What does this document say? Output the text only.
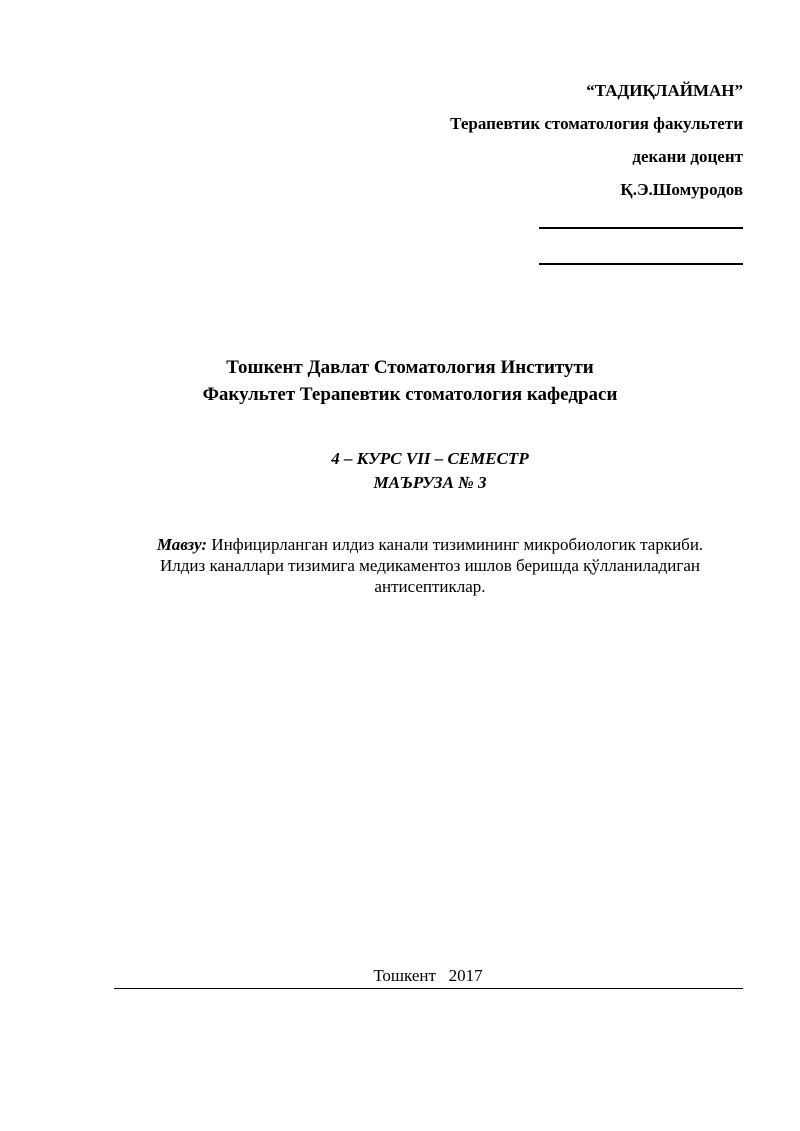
“ТАДИҚЛАЙМАН”
Терапевтик стоматология факультети
декани доцент
Қ.Э.Шомуродов
Тошкент Давлат Стоматология Институти
Факультет Терапевтик стоматология кафедраси
4 – КУРС VII – СЕМЕСТР
МАЪРУЗА № 3
Мавзу: Инфицирланган илдиз канали тизимининг микробиологик таркиби.
Илдиз каналлари тизимига медикаментоз ишлов беришда қўлланиладиган
антисептиклар.
Тошкент   2017
